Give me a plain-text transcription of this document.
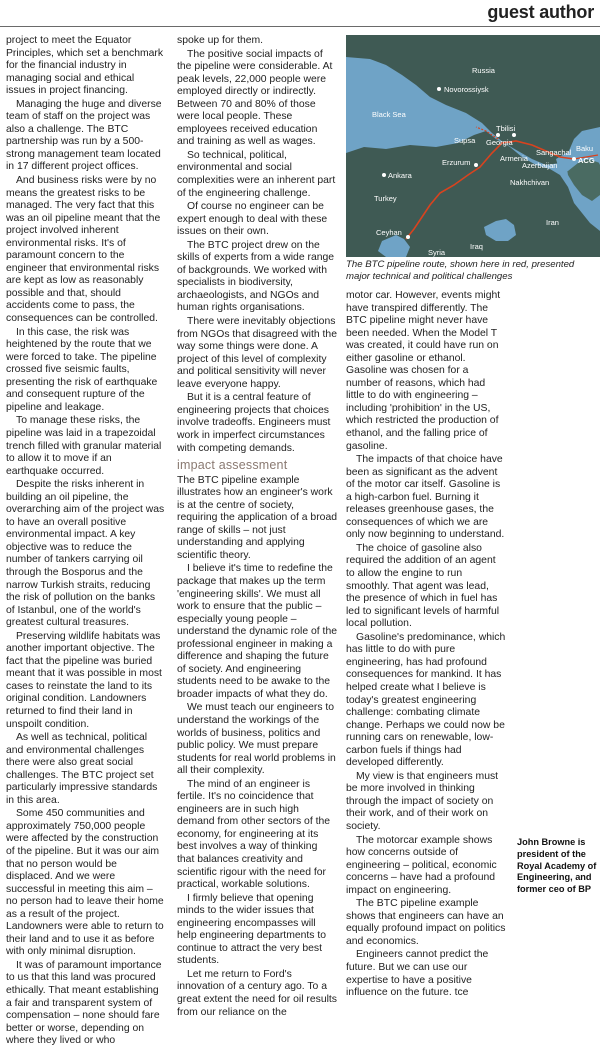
guest author

project to meet the Equator Principles, which set a benchmark for the financial industry in managing social and ethical issues in project financing.

Managing the huge and diverse team of staff on the project was also a challenge. The BTC partnership was run by a 500-strong management team located in 17 different project offices.

And business risks were by no means the greatest risks to be managed. The very fact that this was an oil pipeline meant that the project involved inherent environmental risks. It's of paramount concern to the engineer that environmental risks are kept as low as reasonably possible and that, should accidents come to pass, the consequences can be controlled.

In this case, the risk was heightened by the route that we were forced to take. The pipeline crossed five seismic faults, presenting the risk of earthquake and consequent rupture of the pipeline and leakage.

To manage these risks, the pipeline was laid in a trapezoidal trench filled with granular material to allow it to move if an earthquake occurred.

Despite the risks inherent in building an oil pipeline, the overarching aim of the project was to have an overall positive environmental impact. A key objective was to reduce the number of tankers carrying oil through the Bosporus and the narrow Turkish straits, reducing the risk of pollution on the banks of Istanbul, one of the world's greatest cultural treasures.

Preserving wildlife habitats was another important objective. The fact that the pipeline was buried meant that it was possible in most cases to reinstate the land to its original condition. Landowners returned to find their land in unspoilt condition.

As well as technical, political and environmental challenges there were also great social challenges. The BTC project set particularly impressive standards in this area.

Some 450 communities and approximately 750,000 people were affected by the construction of the pipeline. But it was our aim that no person would be displaced. And we were successful in meeting this aim – no person had to leave their home as a result of the project. Landowners were able to return to their land and to use it as before with only minimal disruption.

It was of paramount importance to us that this land was procured ethically. That meant establishing a fair and transparent system of compensation – none should fare better or worse, depending on where they lived or who

spoke up for them.

The positive social impacts of the pipeline were considerable. At peak levels, 22,000 people were employed directly or indirectly. Between 70 and 80% of those were local people. These employees received education and training as well as wages.

So technical, political, environmental and social complexities were an inherent part of the engineering challenge.

Of course no engineer can be expert enough to deal with these issues on their own.

The BTC project drew on the skills of experts from a wide range of backgrounds. We worked with specialists in biodiversity, archaeologists, and NGOs and human rights organisations.

There were inevitably objections from NGOs that disagreed with the way some things were done. A project of this level of complexity and political sensitivity will never leave everyone happy.

But it is a central feature of engineering projects that choices involve tradeoffs. Engineers must work in imperfect circumstances with competing demands.

impact assessment

The BTC pipeline example illustrates how an engineer's work is at the centre of society, requiring the application of a broad range of skills – not just understanding and applying scientific theory.

I believe it's time to redefine the package that makes up the term 'engineering skills'. We must all work to ensure that the public – especially young people – understand the dynamic role of the professional engineer in making a difference and shaping the future of society. And engineering students need to be awake to the broader impacts of what they do.

We must teach our engineers to understand the workings of the worlds of business, politics and public policy. We must prepare students for real world problems in all their complexity.

The mind of an engineer is fertile. It's no coincidence that engineers are in such high demand from other sectors of the economy, for engineering at its best involves a way of thinking that balances creativity and scientific rigour with the need for practical, workable solutions.

I firmly believe that opening minds to the wider issues that engineering encompasses will help engineering departments to continue to attract the very best students.

Let me return to Ford's innovation of a century ago. To a great extent the need for oil results from our reliance on the

Russia
Novorossiysk
Black Sea
Supsa
Tbilisi
Georgia
Armenia
Sangachal Baku
Azerbaijan
ACG
Erzurum
Nakhchivan
Ankara
Turkey
Ceyhan
Syria
Iraq
Iran
The BTC pipeline route, shown here in red, presented major technical and political challenges

motor car. However, events might have transpired differently. The BTC pipeline might never have been needed. When the Model T was created, it could have run on either gasoline or ethanol. Gasoline was chosen for a number of reasons, which had little to do with engineering – including 'prohibition' in the US, which restricted the production of ethanol, and the falling price of gasoline.

The impacts of that choice have been as significant as the advent of the motor car itself. Gasoline is a high-carbon fuel. Burning it releases greenhouse gases, the consequences of which we are only now beginning to understand.

The choice of gasoline also required the addition of an agent to allow the engine to run smoothly. That agent was lead, the presence of which in fuel has led to significant levels of harmful local pollution.

Gasoline's predominance, which has little to do with pure engineering, has had profound consequences for mankind. It has helped create what I believe is today's greatest engineering challenge: combating climate change. Perhaps we could now be running cars on renewable, low-carbon fuels if things had developed differently.

My view is that engineers must be more involved in thinking through the impact of society on their work, and of their work on society.

The motorcar example shows how concerns outside of engineering – political, economic concerns – have had a profound impact on engineering.

The BTC pipeline example shows that engineers can have an equally profound impact on politics and economics.

Engineers cannot predict the future. But we can use our expertise to have a positive influence on the future. tce

John Browne is president of the Royal Academy of Engineering, and former ceo of BP
